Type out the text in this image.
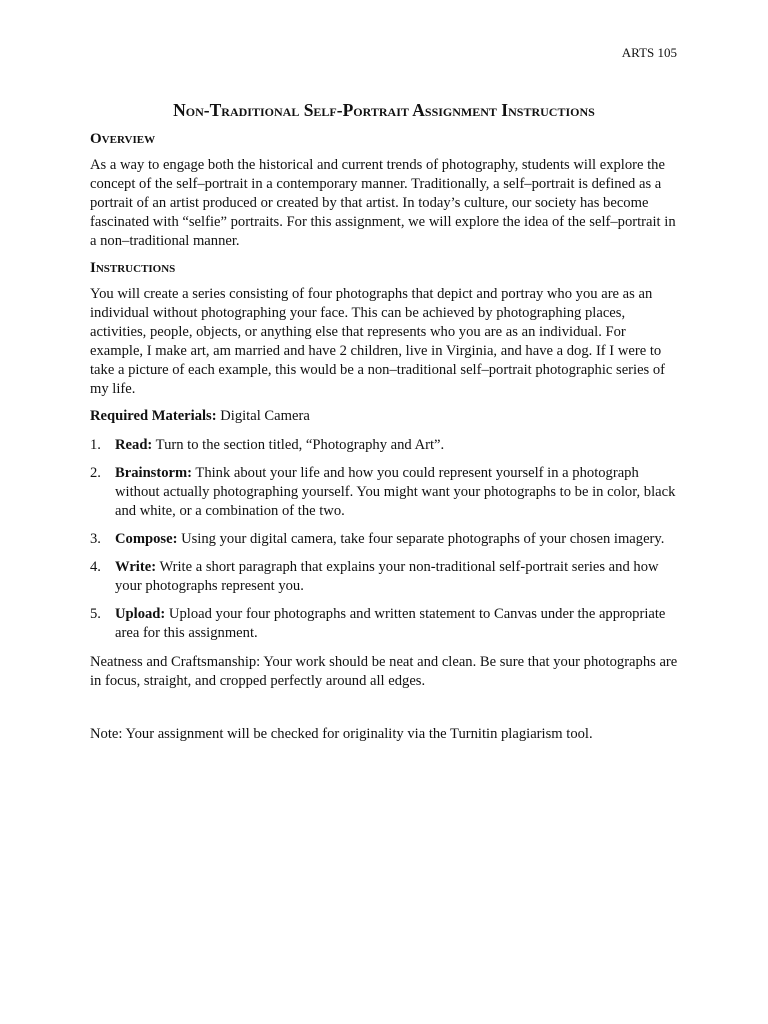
ARTS 105
Non-Traditional Self-Portrait Assignment Instructions
Overview

As a way to engage both the historical and current trends of photography, students will explore the concept of the self–portrait in a contemporary manner. Traditionally, a self–portrait is defined as a portrait of an artist produced or created by that artist. In today’s culture, our society has become fascinated with “selfie” portraits. For this assignment, we will explore the idea of the self–portrait in a non–traditional manner.

Instructions

You will create a series consisting of four photographs that depict and portray who you are as an individual without photographing your face. This can be achieved by photographing places, activities, people, objects, or anything else that represents who you are as an individual. For example, I make art, am married and have 2 children, live in Virginia, and have a dog. If I were to take a picture of each example, this would be a non–traditional self–portrait photographic series of my life.

Required Materials: Digital Camera

1. Read: Turn to the section titled, “Photography and Art”.
2. Brainstorm: Think about your life and how you could represent yourself in a photograph without actually photographing yourself. You might want your photographs to be in color, black and white, or a combination of the two.
3. Compose: Using your digital camera, take four separate photographs of your chosen imagery.
4. Write: Write a short paragraph that explains your non-traditional self-portrait series and how your photographs represent you.
5. Upload: Upload your four photographs and written statement to Canvas under the appropriate area for this assignment.

Neatness and Craftsmanship: Your work should be neat and clean. Be sure that your photographs are in focus, straight, and cropped perfectly around all edges.

Note: Your assignment will be checked for originality via the Turnitin plagiarism tool.
